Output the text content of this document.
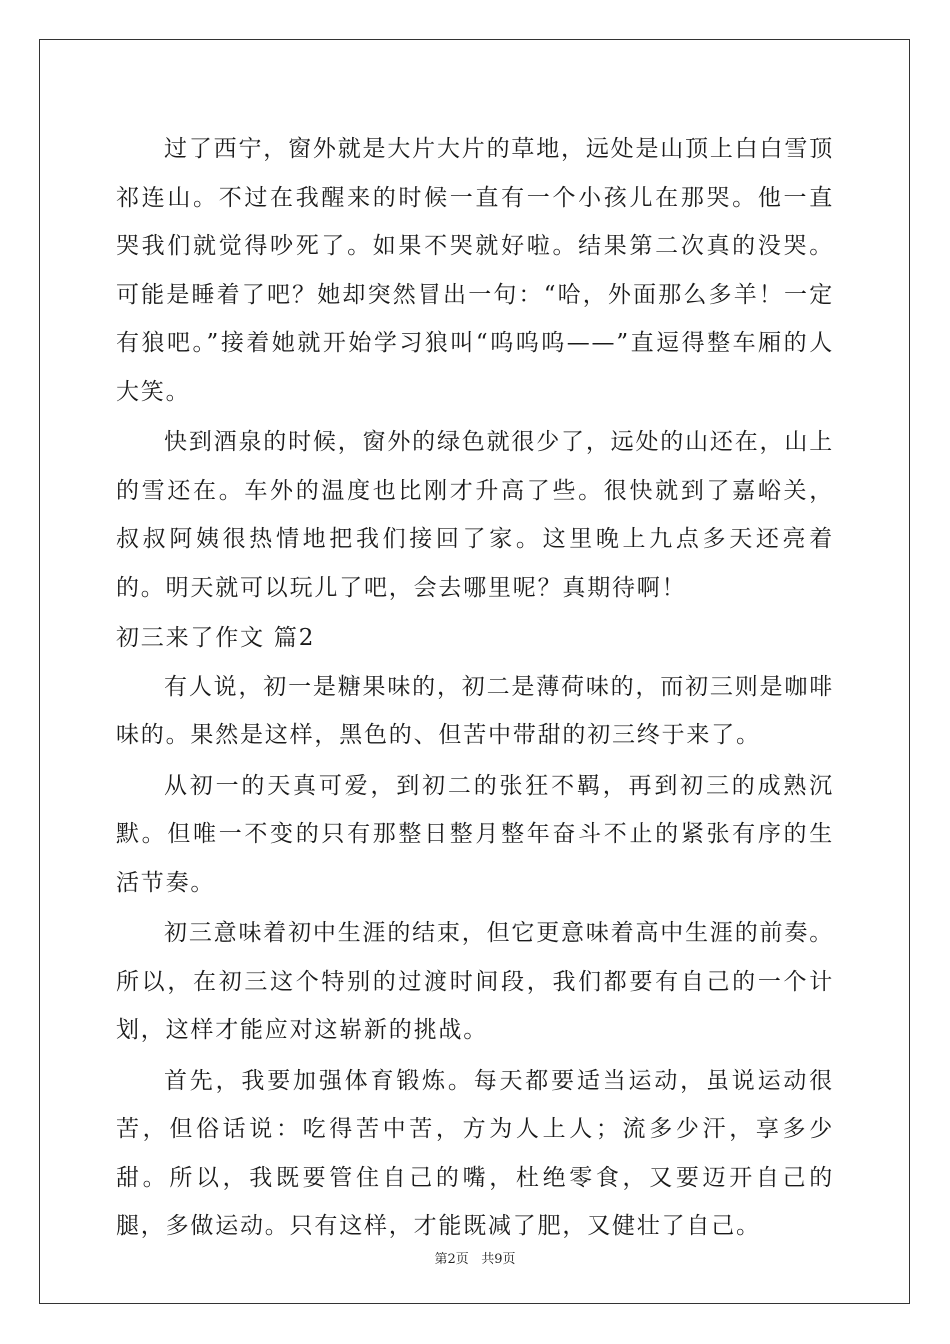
过了西宁，窗外就是大片大片的草地，远处是山顶上白白雪顶祁连山。不过在我醒来的时候一直有一个小孩儿在那哭。他一直哭我们就觉得吵死了。如果不哭就好啦。结果第二次真的没哭。可能是睡着了吧？她却突然冒出一句：“哈，外面那么多羊！一定有狼吧。”接着她就开始学习狼叫“呜呜呜——”直逗得整车厢的人大笑。

快到酒泉的时候，窗外的绿色就很少了，远处的山还在，山上的雪还在。车外的温度也比刚才升高了些。很快就到了嘉峪关，叔叔阿姨很热情地把我们接回了家。这里晚上九点多天还亮着的。明天就可以玩儿了吧，会去哪里呢？真期待啊！

初三来了作文 篇2

有人说，初一是糖果味的，初二是薄荷味的，而初三则是咖啡味的。果然是这样，黑色的、但苦中带甜的初三终于来了。

从初一的天真可爱，到初二的张狂不羁，再到初三的成熟沉默。但唯一不变的只有那整日整月整年奋斗不止的紧张有序的生活节奏。

初三意味着初中生涯的结束，但它更意味着高中生涯的前奏。所以，在初三这个特别的过渡时间段，我们都要有自己的一个计划，这样才能应对这崭新的挑战。

首先，我要加强体育锻炼。每天都要适当运动，虽说运动很苦，但俗话说：吃得苦中苦，方为人上人；流多少汗，享多少甜。所以，我既要管住自己的嘴，杜绝零食，又要迈开自己的腿，多做运动。只有这样，才能既减了肥，又健壮了自己。

第2页 共9页
